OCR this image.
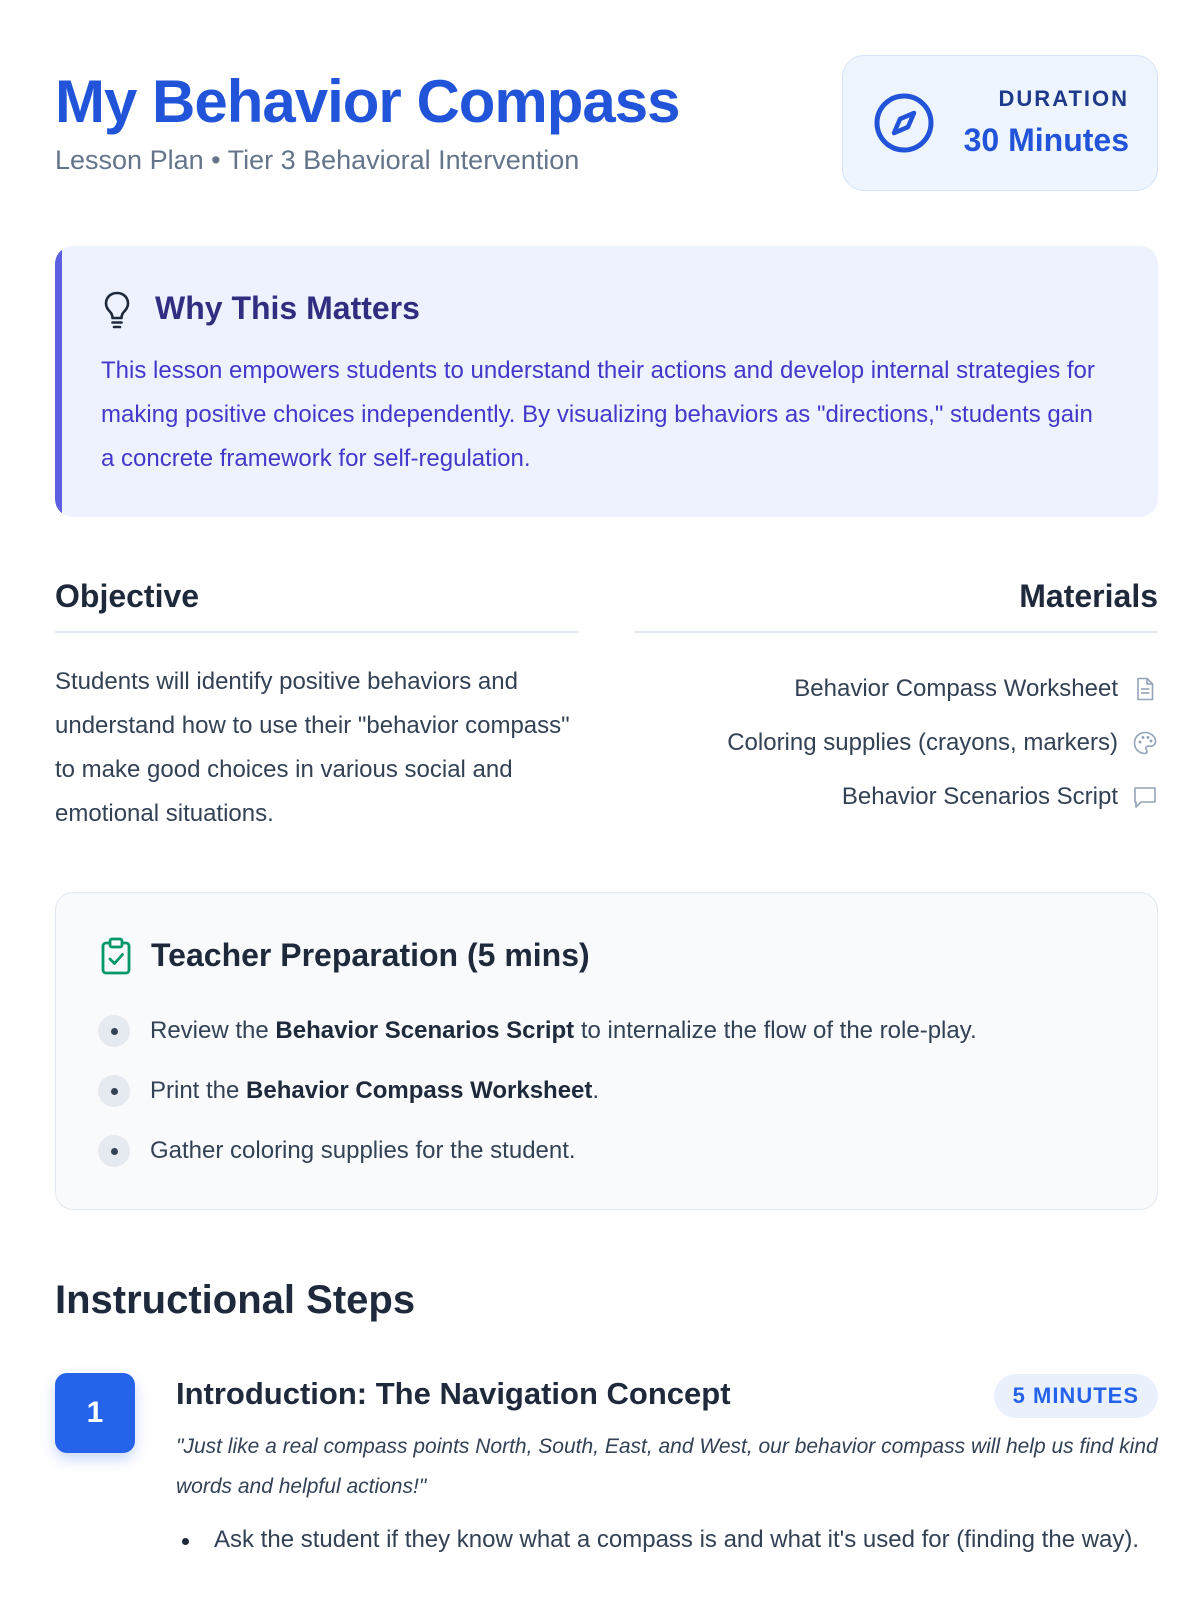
My Behavior Compass
Lesson Plan • Tier 3 Behavioral Intervention
DURATION
30 Minutes
Why This Matters

This lesson empowers students to understand their actions and develop internal strategies for making positive choices independently. By visualizing behaviors as "directions," students gain a concrete framework for self-regulation.

Objective

Students will identify positive behaviors and understand how to use their "behavior compass" to make good choices in various social and emotional situations.

Materials
Behavior Compass Worksheet
Coloring supplies (crayons, markers)
Behavior Scenarios Script
Teacher Preparation (5 mins)
Review the Behavior Scenarios Script to internalize the flow of the role-play.
Print the Behavior Compass Worksheet.
Gather coloring supplies for the student.
Instructional Steps
1
Introduction: The Navigation Concept	5 MINUTES

"Just like a real compass points North, South, East, and West, our behavior compass will help us find kind words and helpful actions!"

Ask the student if they know what a compass is and what it's used for (finding the way).
